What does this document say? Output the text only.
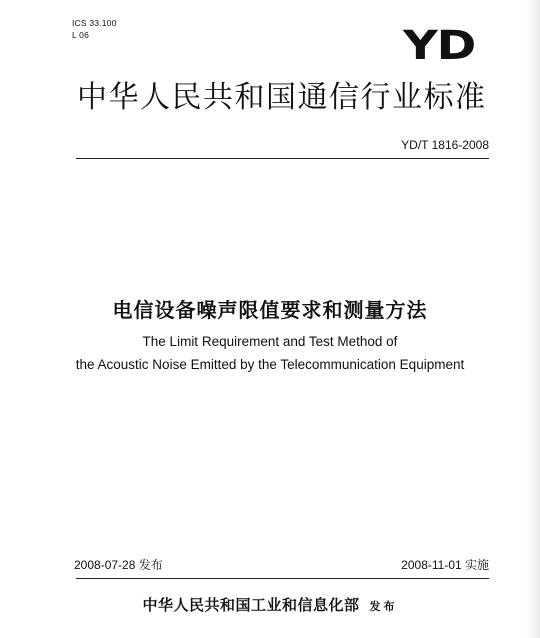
ICS 33.100
L 06	YD
中华人民共和国通信行业标准
YD/T 1816-2008
电信设备噪声限值要求和测量方法
The Limit Requirement and Test Method of
the Acoustic Noise Emitted by the Telecommunication Equipment
2008-07-28 发布	2008-11-01 实施
中华人民共和国工业和信息化部 发布
